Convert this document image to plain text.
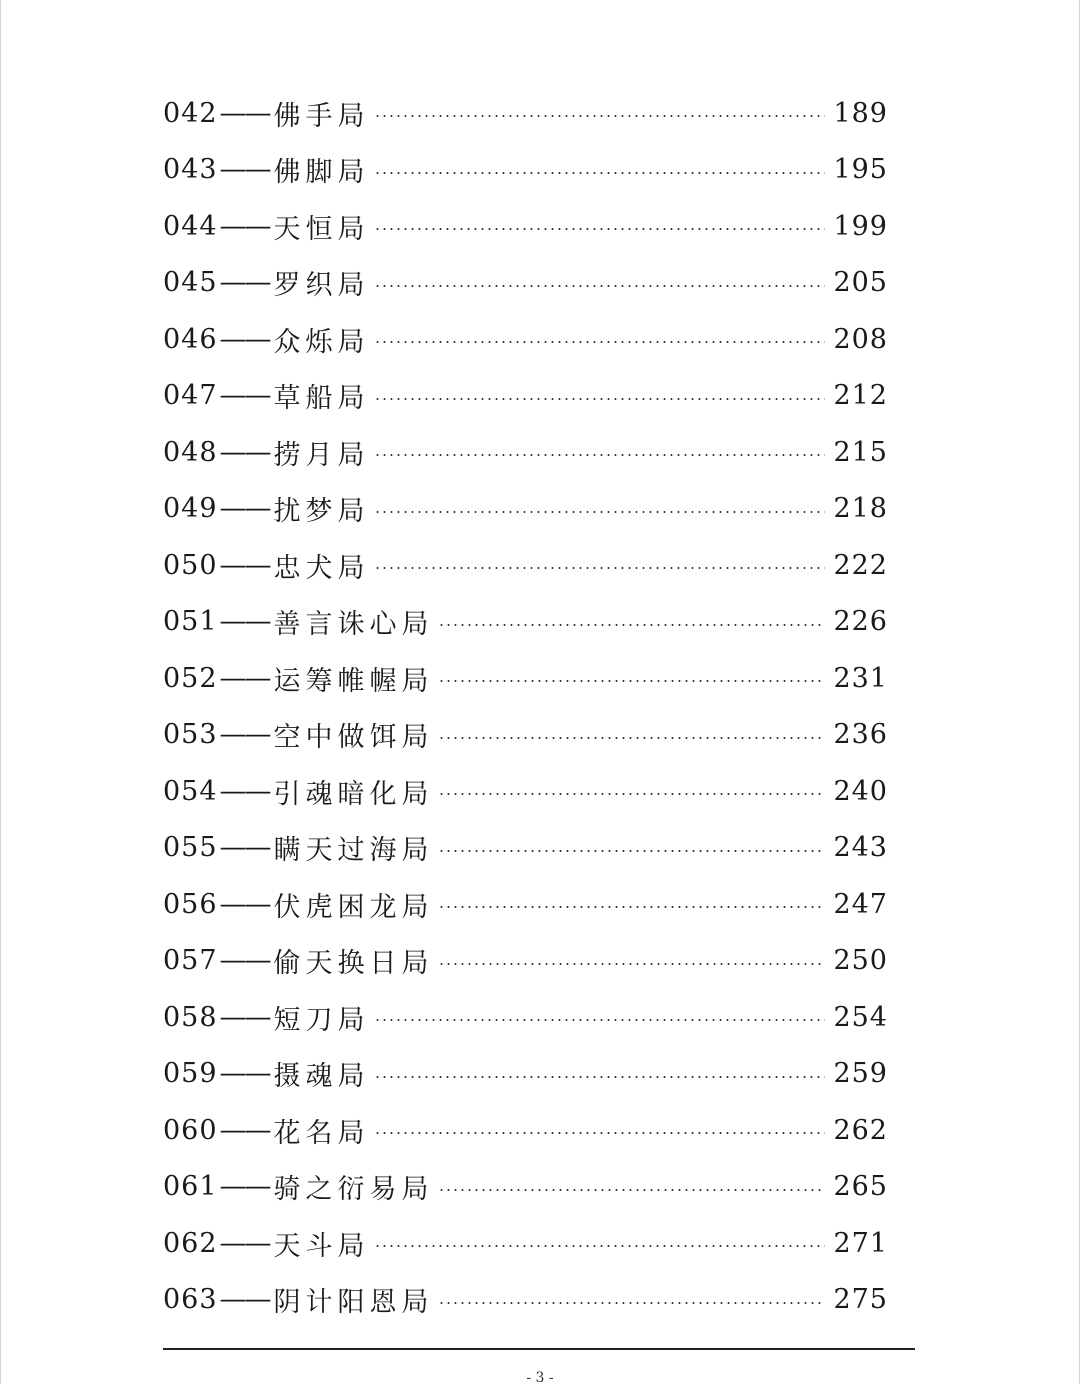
042 —— 佛手局	189
043 —— 佛脚局	195
044 —— 天恒局	199
045 —— 罗织局	205
046 —— 众烁局	208
047 —— 草船局	212
048 —— 捞月局	215
049 —— 扰梦局	218
050 —— 忠犬局	222
051 —— 善言诛心局	226
052 —— 运筹帷幄局	231
053 —— 空中做饵局	236
054 —— 引魂暗化局	240
055 —— 瞒天过海局	243
056 —— 伏虎困龙局	247
057 —— 偷天换日局	250
058 —— 短刀局	254
059 —— 摄魂局	259
060 —— 花名局	262
061 —— 骑之衍易局	265
062 —— 天斗局	271
063 —— 阴计阳恩局	275
- 3 -
